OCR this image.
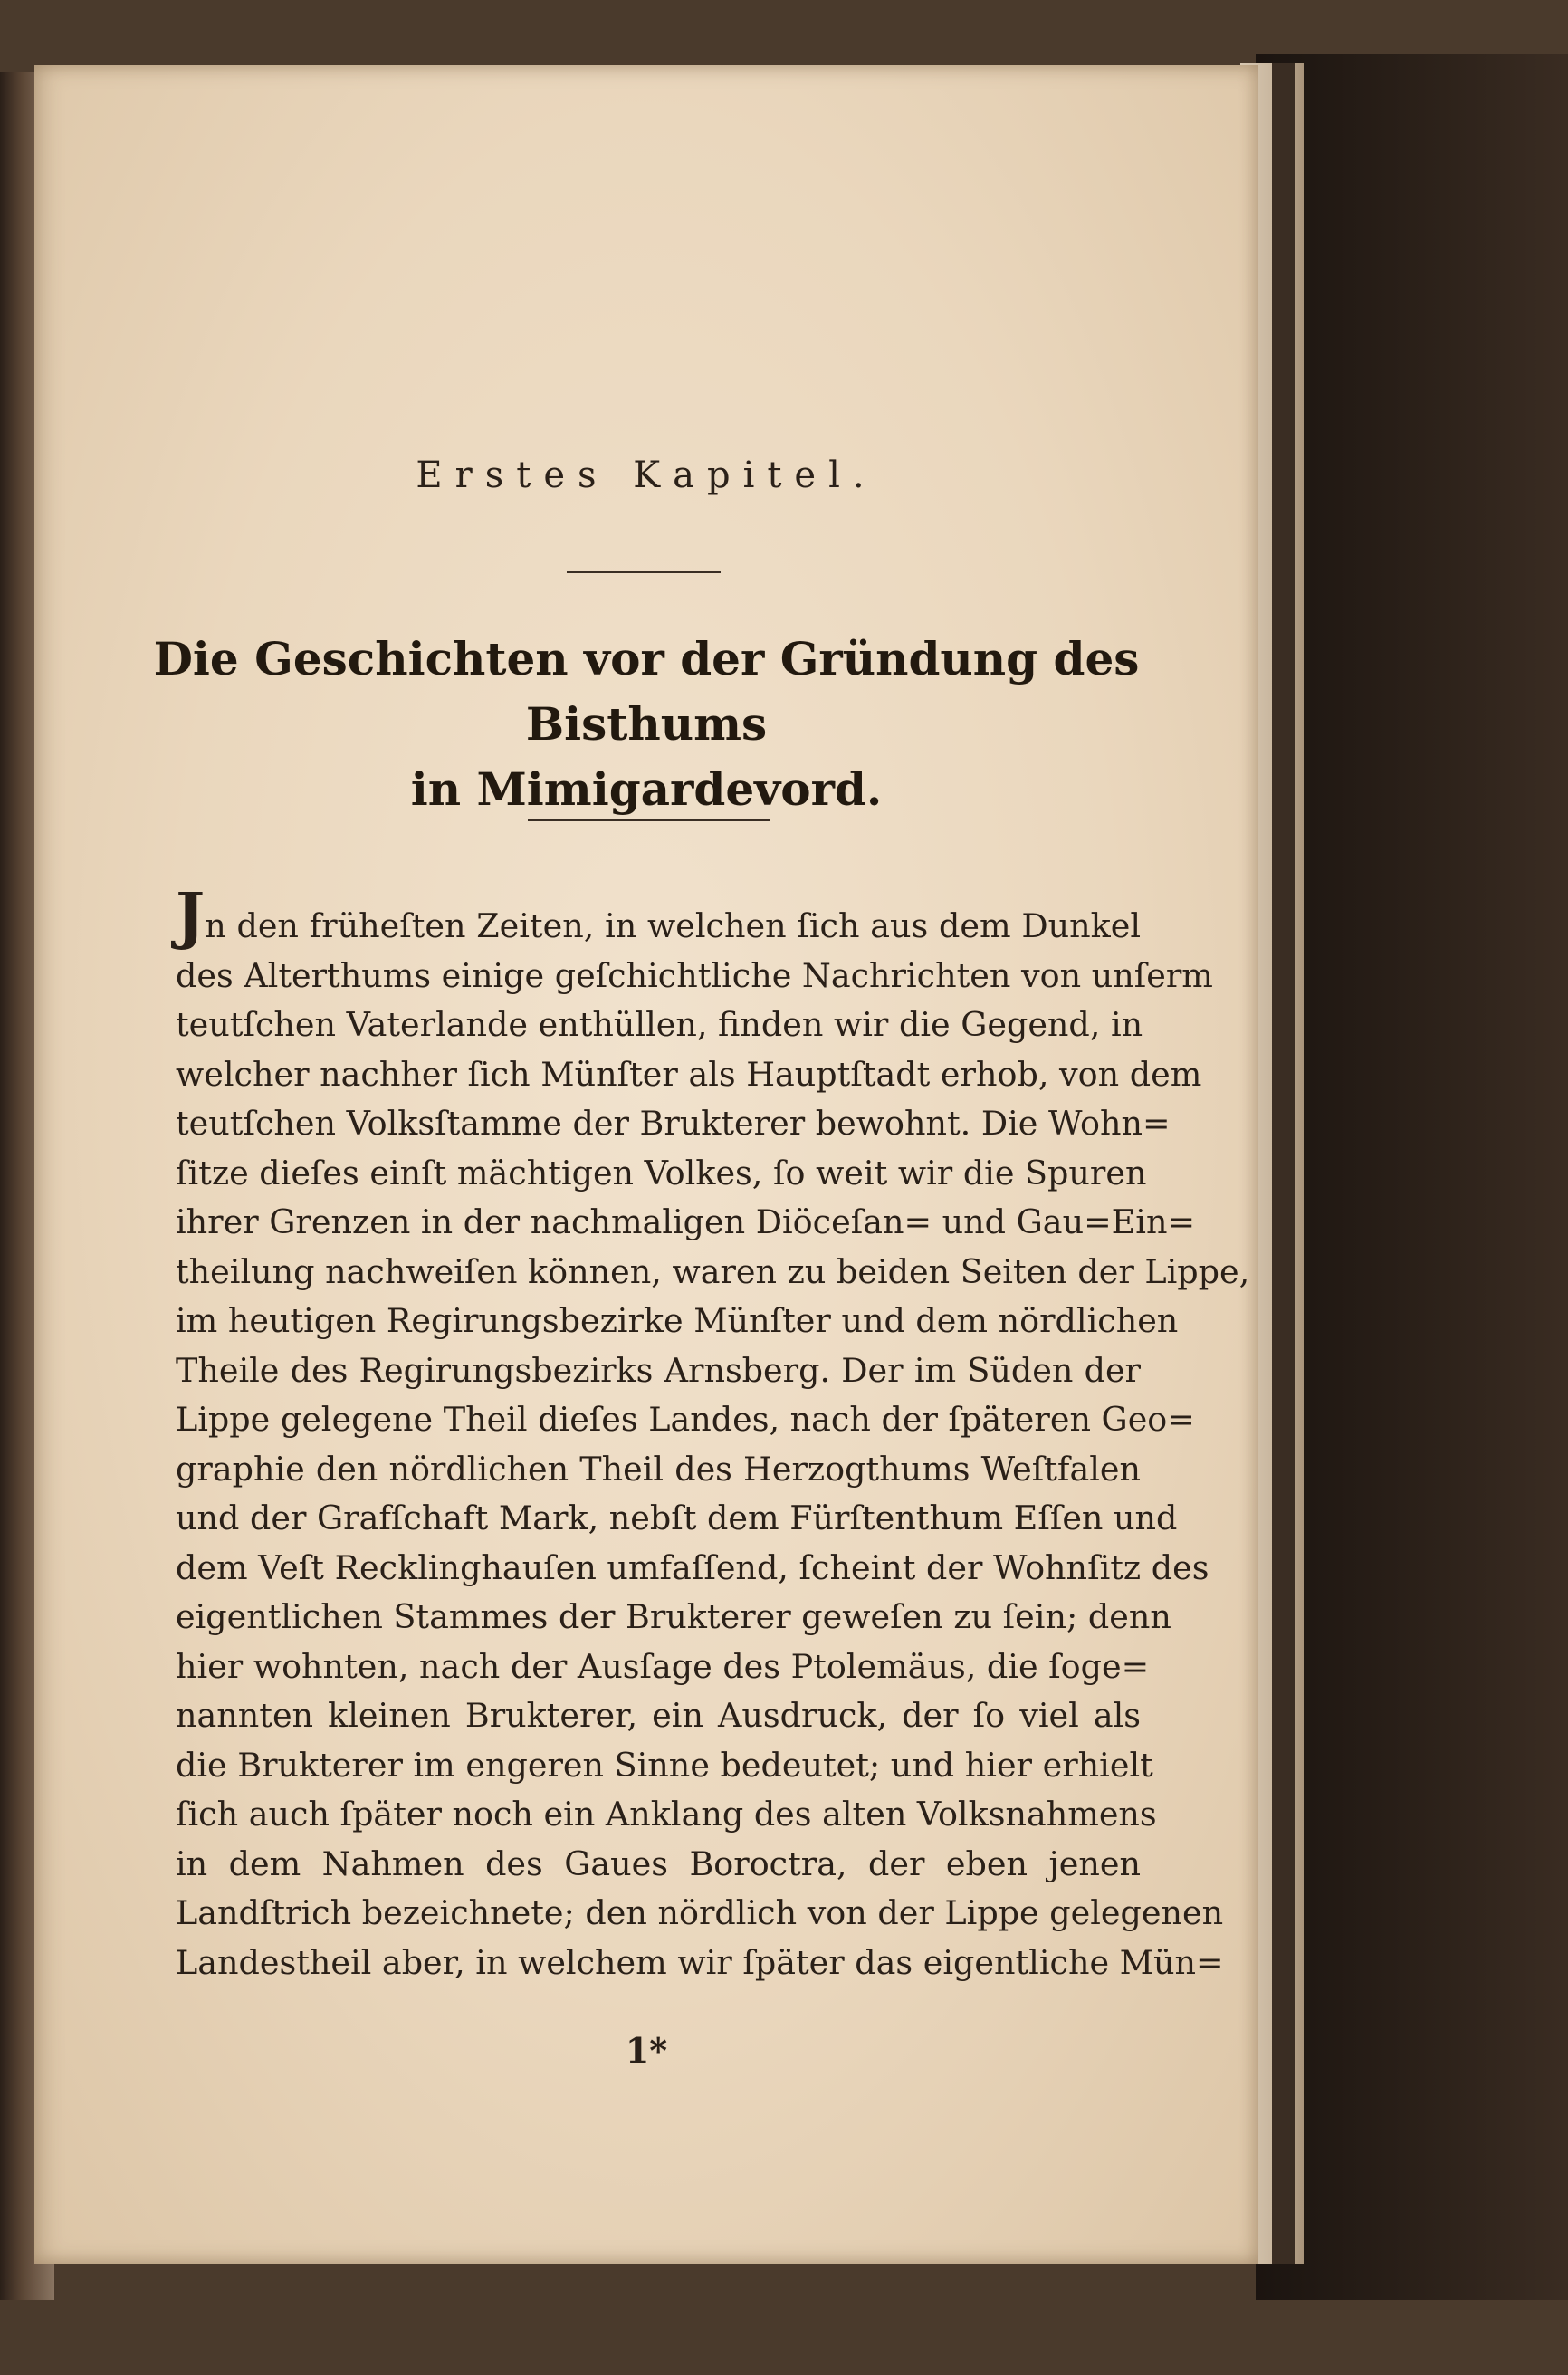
Erstes Kapitel.
Die Geschichten vor der Gründung des Bisthums
in Mimigardevord.
Jn den früheſten Zeiten, in welchen ſich aus dem Dunkel
des Alterthums einige geſchichtliche Nachrichten von unſerm
teutſchen Vaterlande enthüllen, finden wir die Gegend, in
welcher nachher ſich Münſter als Hauptſtadt erhob, von dem
teutſchen Volksſtamme der Brukterer bewohnt. Die Wohn=
ſitze dieſes einſt mächtigen Volkes, ſo weit wir die Spuren
ihrer Grenzen in der nachmaligen Diöceſan= und Gau=Ein=
theilung nachweiſen können, waren zu beiden Seiten der Lippe,
im heutigen Regirungsbezirke Münſter und dem nördlichen
Theile des Regirungsbezirks Arnsberg. Der im Süden der
Lippe gelegene Theil dieſes Landes, nach der ſpäteren Geo=
graphie den nördlichen Theil des Herzogthums Weſtfalen
und der Grafſchaft Mark, nebſt dem Fürſtenthum Eſſen und
dem Veſt Recklinghauſen umfaſſend, ſcheint der Wohnſitz des
eigentlichen Stammes der Brukterer geweſen zu ſein; denn
hier wohnten, nach der Ausſage des Ptolemäus, die ſoge=
nannten kleinen Brukterer, ein Ausdruck, der ſo viel als
die Brukterer im engeren Sinne bedeutet; und hier erhielt
ſich auch ſpäter noch ein Anklang des alten Volksnahmens
in dem Nahmen des Gaues Boroctra, der eben jenen
Landſtrich bezeichnete; den nördlich von der Lippe gelegenen
Landestheil aber, in welchem wir ſpäter das eigentliche Mün=
1*
